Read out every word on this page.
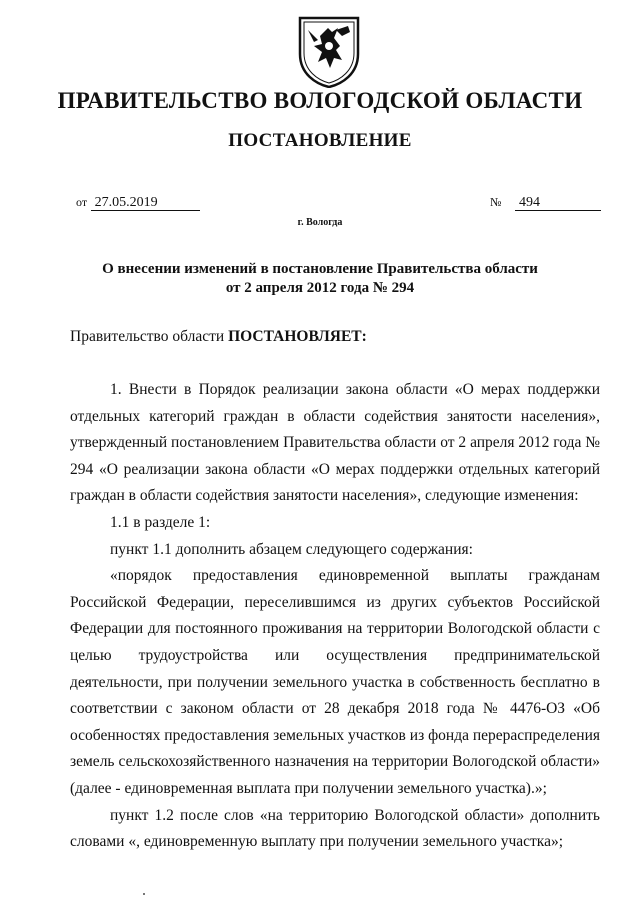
ПРАВИТЕЛЬСТВО ВОЛОГОДСКОЙ ОБЛАСТИ
ПОСТАНОВЛЕНИЕ
от 27.05.2019	№ 494
г. Вологда
О внесении изменений в постановление Правительства области
от 2 апреля 2012 года № 294
Правительство области ПОСТАНОВЛЯЕТ:

1. Внести в Порядок реализации закона области «О мерах поддержки отдельных категорий граждан в области содействия занятости населения», утвержденный постановлением Правительства области от 2 апреля 2012 года № 294 «О реализации закона области «О мерах поддержки отдельных категорий граждан в области содействия занятости населения», следующие изменения:

1.1 в разделе 1:

пункт 1.1 дополнить абзацем следующего содержания:

«порядок предоставления единовременной выплаты гражданам Российской Федерации, переселившимся из других субъектов Российской Федерации для постоянного проживания на территории Вологодской области с целью трудоустройства или осуществления предпринимательской деятельности, при получении земельного участка в собственность бесплатно в соответствии с законом области от 28 декабря 2018 года № 4476-ОЗ «Об особенностях предоставления земельных участков из фонда перераспределения земель сельскохозяйственного назначения на территории Вологодской области» (далее - единовременная выплата при получении земельного участка).»;

пункт 1.2 после слов «на территорию Вологодской области» дополнить словами «, единовременную выплату при получении земельного участка»;
